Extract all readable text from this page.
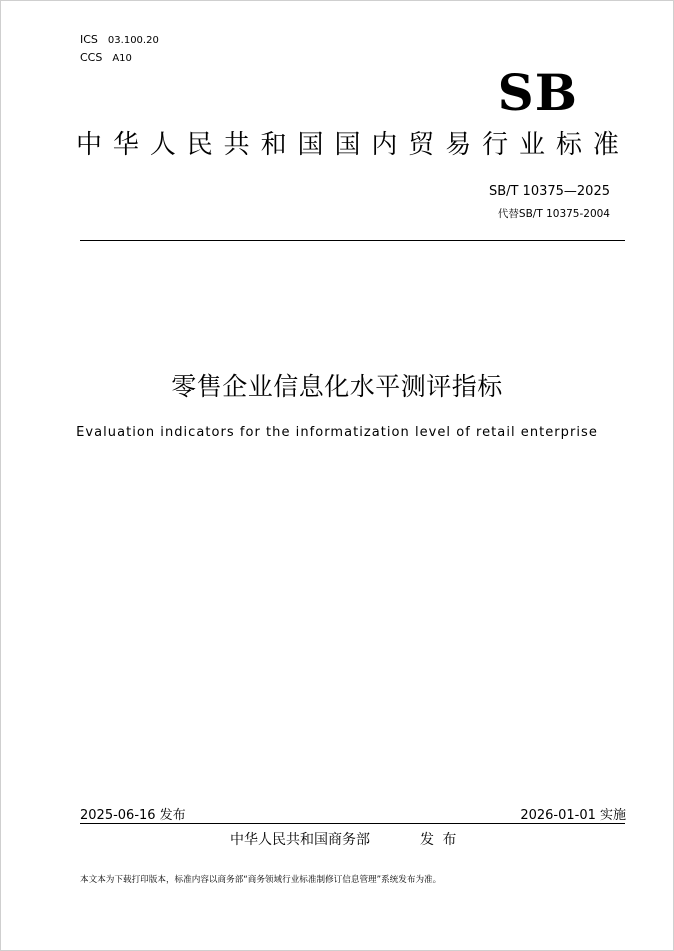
ICS 03.100.20
CCS A10
SB
中华人民共和国国内贸易行业标准
SB/T 10375—2025
代替SB/T 10375-2004
零售企业信息化水平测评指标
Evaluation indicators for the informatization level of retail enterprise
2025-06-16 发布	2026-01-01 实施
中华人民共和国商务部	发布
本文本为下载打印版本，标准内容以商务部“商务领域行业标准制修订信息管理”系统发布为准。
